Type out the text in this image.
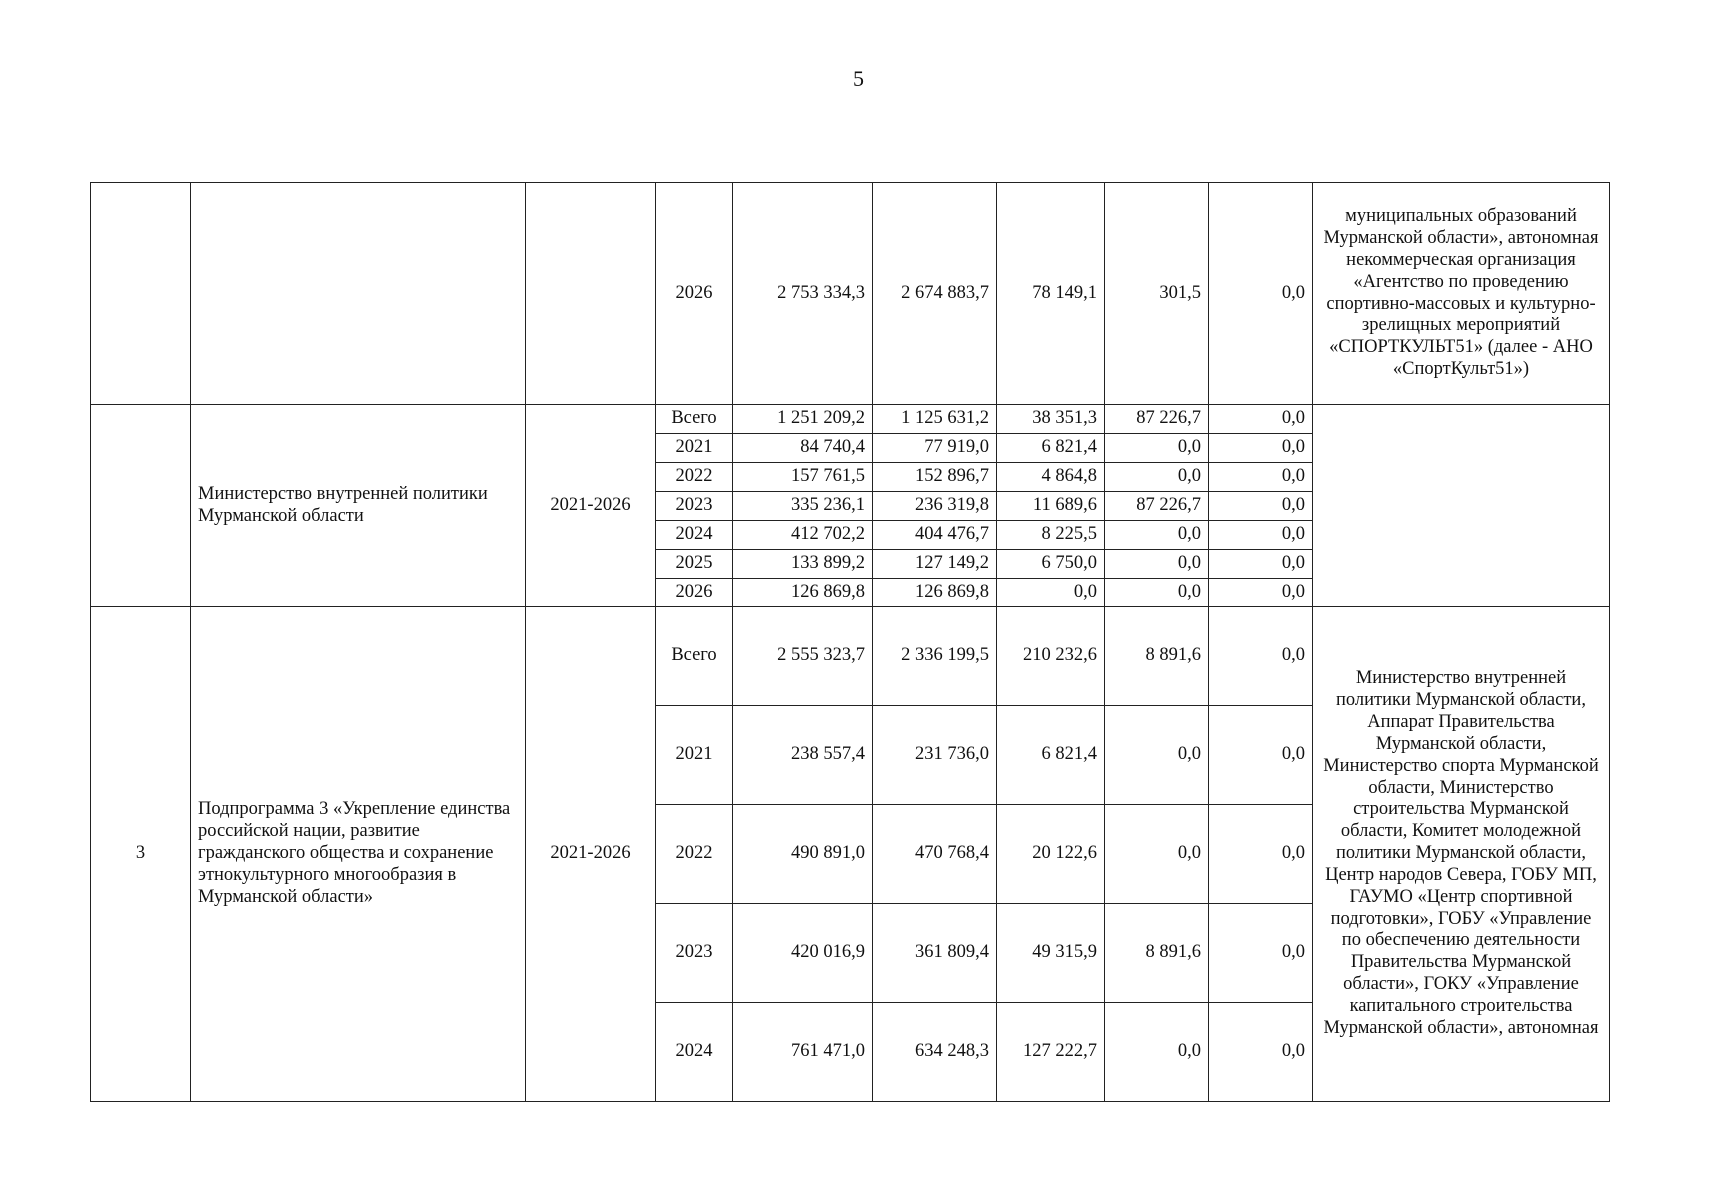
5
			2026	2 753 334,3	2 674 883,7	78 149,1	301,5	0,0	муниципальных образований Мурманской области», автономная некоммерческая организация «Агентство по проведению спортивно-массовых и культурно-зрелищных мероприятий «СПОРТКУЛЬТ51» (далее - АНО «СпортКульт51»)
	Министерство внутренней политики Мурманской области	2021-2026	Всего	1 251 209,2	1 125 631,2	38 351,3	87 226,7	0,0	
			2021	84 740,4	77 919,0	6 821,4	0,0	0,0	
			2022	157 761,5	152 896,7	4 864,8	0,0	0,0	
			2023	335 236,1	236 319,8	11 689,6	87 226,7	0,0	
			2024	412 702,2	404 476,7	8 225,5	0,0	0,0	
			2025	133 899,2	127 149,2	6 750,0	0,0	0,0	
			2026	126 869,8	126 869,8	0,0	0,0	0,0	
3	Подпрограмма 3 «Укрепление единства российской нации, развитие гражданского общества и сохранение этнокультурного многообразия в Мурманской области»	2021-2026	Всего	2 555 323,7	2 336 199,5	210 232,6	8 891,6	0,0	Министерство внутренней политики Мурманской области, Аппарат Правительства Мурманской области, Министерство спорта Мурманской области, Министерство строительства Мурманской области, Комитет молодежной политики Мурманской области, Центр народов Севера, ГОБУ МП, ГАУМО «Центр спортивной подготовки», ГОБУ «Управление по обеспечению деятельности Правительства Мурманской области», ГОКУ «Управление капитального строительства Мурманской области», автономная
			2021	238 557,4	231 736,0	6 821,4	0,0	0,0	
			2022	490 891,0	470 768,4	20 122,6	0,0	0,0	
			2023	420 016,9	361 809,4	49 315,9	8 891,6	0,0	
			2024	761 471,0	634 248,3	127 222,7	0,0	0,0	
